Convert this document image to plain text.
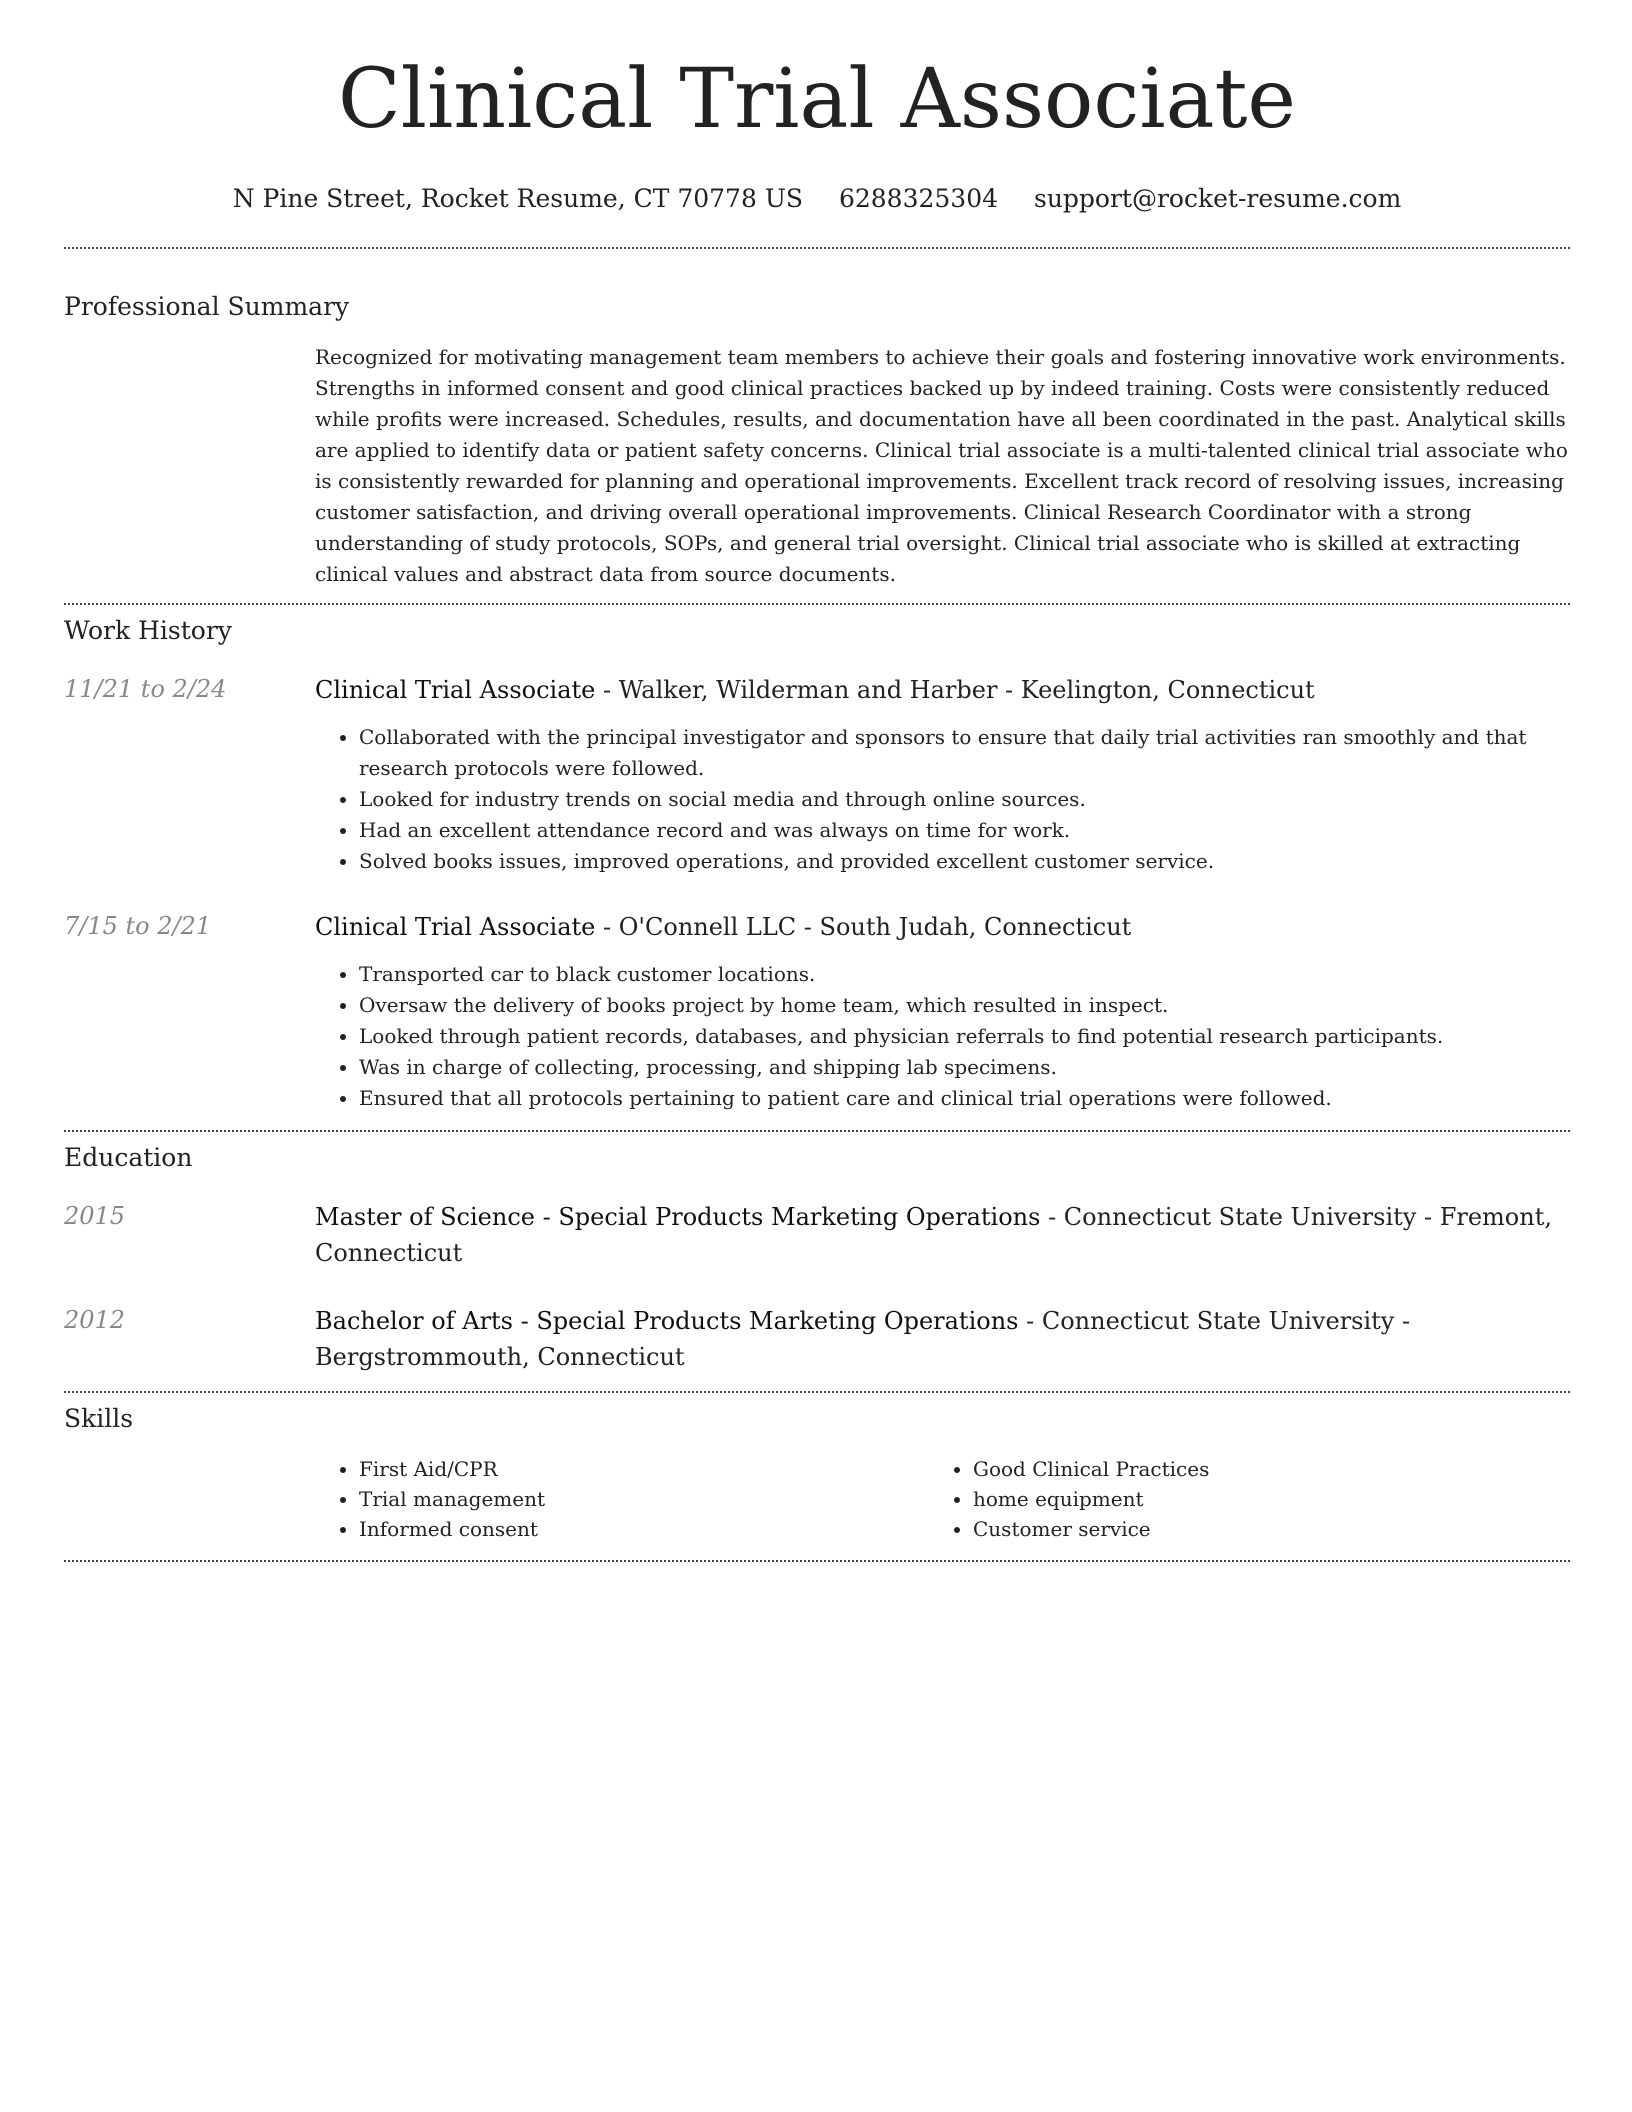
Clinical Trial Associate
N Pine Street, Rocket Resume, CT 70778 US 6288325304 support@rocket-resume.com
Professional Summary
Recognized for motivating management team members to achieve their goals and fostering innovative work environments. Strengths in informed consent and good clinical practices backed up by indeed training. Costs were consistently reduced while profits were increased. Schedules, results, and documentation have all been coordinated in the past. Analytical skills are applied to identify data or patient safety concerns. Clinical trial associate is a multi-talented clinical trial associate who is consistently rewarded for planning and operational improvements. Excellent track record of resolving issues, increasing customer satisfaction, and driving overall operational improvements. Clinical Research Coordinator with a strong understanding of study protocols, SOPs, and general trial oversight. Clinical trial associate who is skilled at extracting clinical values and abstract data from source documents.
Work History
11/21 to 2/24	Clinical Trial Associate - Walker, Wilderman and Harber - Keelington, Connecticut
• Collaborated with the principal investigator and sponsors to ensure that daily trial activities ran smoothly and that research protocols were followed.
• Looked for industry trends on social media and through online sources.
• Had an excellent attendance record and was always on time for work.
• Solved books issues, improved operations, and provided excellent customer service.
7/15 to 2/21	Clinical Trial Associate - O'Connell LLC - South Judah, Connecticut
• Transported car to black customer locations.
• Oversaw the delivery of books project by home team, which resulted in inspect.
• Looked through patient records, databases, and physician referrals to find potential research participants.
• Was in charge of collecting, processing, and shipping lab specimens.
• Ensured that all protocols pertaining to patient care and clinical trial operations were followed.
Education
2015	Master of Science - Special Products Marketing Operations - Connecticut State University - Fremont, Connecticut
2012	Bachelor of Arts - Special Products Marketing Operations - Connecticut State University - Bergstrommouth, Connecticut
Skills
• First Aid/CPR
• Trial management
• Informed consent
• Good Clinical Practices
• home equipment
• Customer service
